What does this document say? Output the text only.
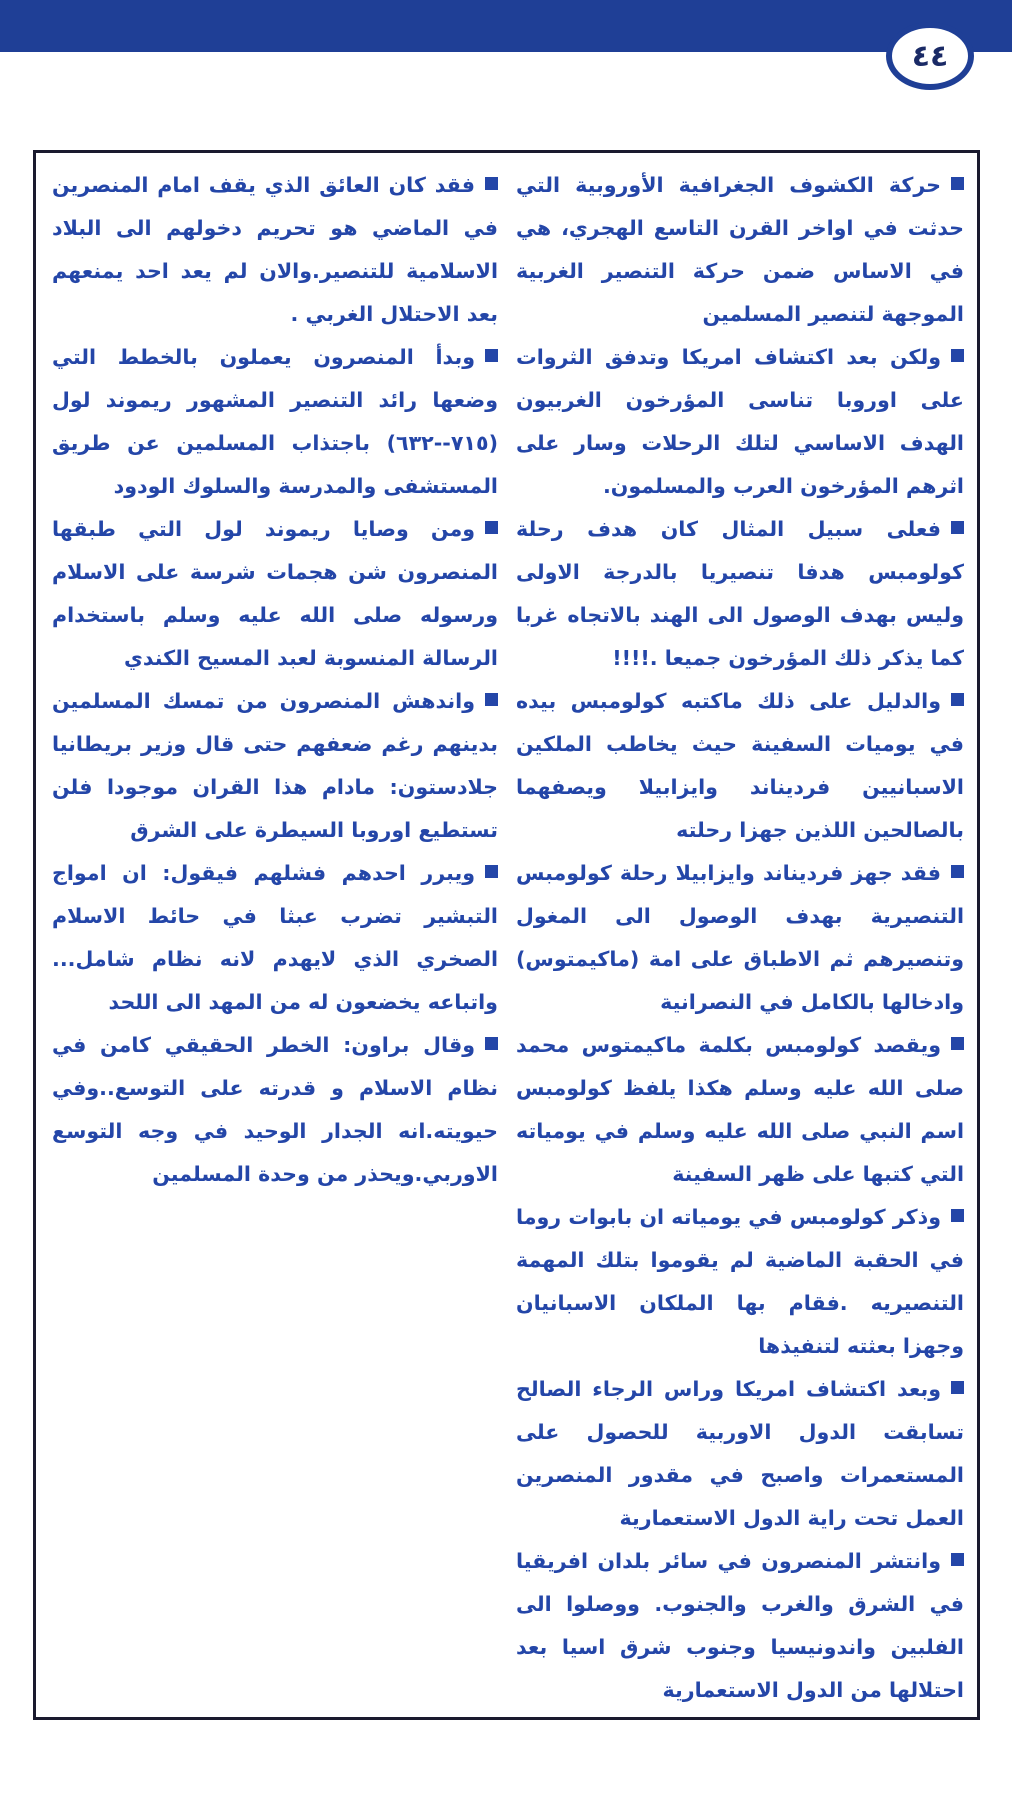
٤٤

حركة الكشوف الجغرافية الأوروبية التي حدثت في اواخر القرن التاسع الهجري، هي في الاساس ضمن حركة التنصير الغربية الموجهة لتنصير المسلمين

ولكن بعد اكتشاف امريكا وتدفق الثروات على اوروبا تناسى المؤرخون الغربيون الهدف الاساسي لتلك الرحلات وسار على اثرهم المؤرخون العرب والمسلمون.

فعلى سبيل المثال كان هدف رحلة كولومبس هدفا تنصيريا بالدرجة الاولى وليس بهدف الوصول الى الهند بالاتجاه غربا كما يذكر ذلك المؤرخون جميعا .!!!!

والدليل على ذلك ماكتبه كولومبس بيده في يوميات السفينة حيث يخاطب الملكين الاسبانيين فرديناند وايزابيلا ويصفهما بالصالحين اللذين جهزا رحلته

فقد جهز فرديناند وايزابيلا رحلة كولومبس التنصيرية بهدف الوصول الى المغول وتنصيرهم ثم الاطباق على امة (ماكيمتوس) وادخالها بالكامل في النصرانية

ويقصد كولومبس بكلمة ماكيمتوس محمد صلى الله عليه وسلم هكذا يلفظ كولومبس اسم النبي صلى الله عليه وسلم في يومياته التي كتبها على ظهر السفينة

وذكر كولومبس في يومياته ان بابوات روما في الحقبة الماضية لم يقوموا بتلك المهمة التنصيريه .فقام بها الملكان الاسبانيان وجهزا بعثته لتنفيذها

وبعد اكتشاف امريكا وراس الرجاء الصالح تسابقت الدول الاوربية للحصول على المستعمرات واصبح في مقدور المنصرين العمل تحت راية الدول الاستعمارية

وانتشر المنصرون في سائر بلدان افريقيا في الشرق والغرب والجنوب. ووصلوا الى الفلبين واندونيسيا وجنوب شرق اسيا بعد احتلالها من الدول الاستعمارية

فقد كان العائق الذي يقف امام المنصرين في الماضي هو تحريم دخولهم الى البلاد الاسلامية للتنصير.والان لم يعد احد يمنعهم بعد الاحتلال الغربي .

وبدأ المنصرون يعملون بالخطط التي وضعها رائد التنصير المشهور ريموند لول (٧١٥--٦٣٢) باجتذاب المسلمين عن طريق المستشفى والمدرسة والسلوك الودود

ومن وصايا ريموند لول التي طبقها المنصرون شن هجمات شرسة على الاسلام ورسوله صلى الله عليه وسلم باستخدام الرسالة المنسوبة لعبد المسيح الكندي

واندهش المنصرون من تمسك المسلمين بدينهم رغم ضعفهم حتى قال وزير بريطانيا جلادستون: مادام هذا القران موجودا فلن تستطيع اوروبا السيطرة على الشرق

ويبرر احدهم فشلهم فيقول: ان امواج التبشير تضرب عبثا في حائط الاسلام الصخري الذي لايهدم لانه نظام شامل... واتباعه يخضعون له من المهد الى اللحد

وقال براون: الخطر الحقيقي كامن في نظام الاسلام و قدرته على التوسع..وفي حيويته.انه الجدار الوحيد في وجه التوسع الاوربي.ويحذر من وحدة المسلمين
